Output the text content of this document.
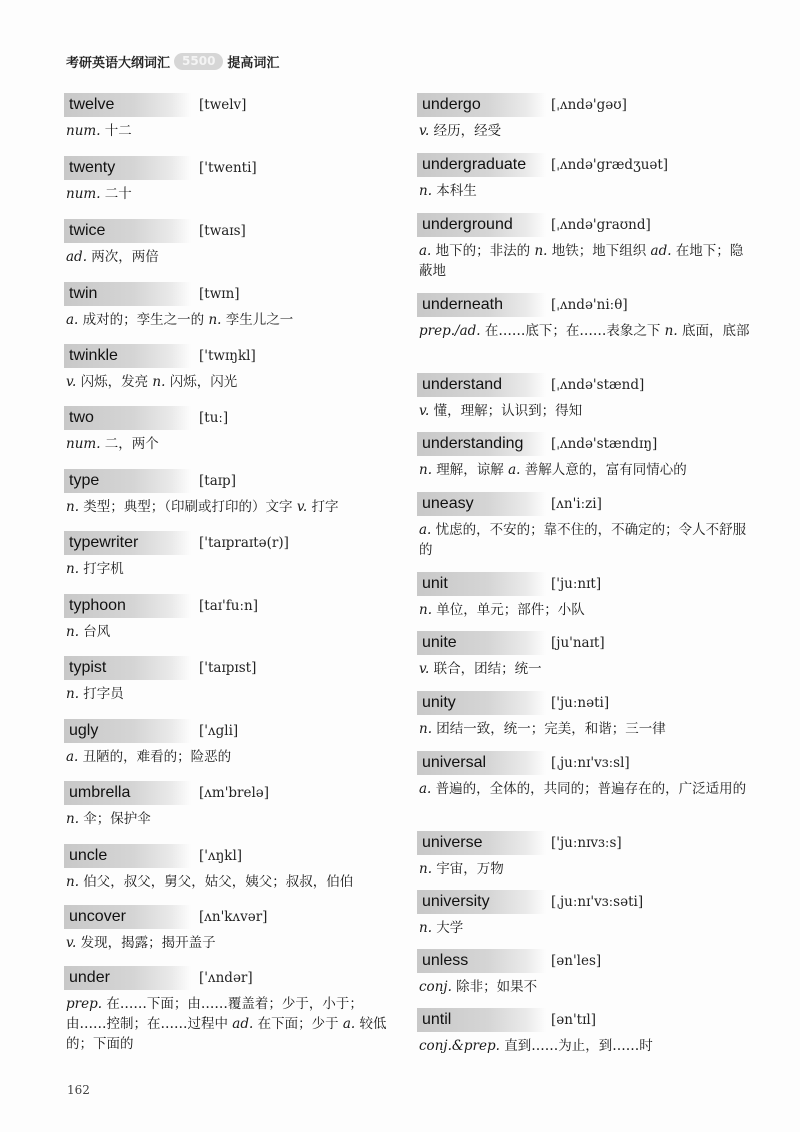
考研英语大纲词汇	5500 提高词汇
twelve	[twelv]
num. 十二
twenty	['twenti]
num. 二十
twice	[twaɪs]
ad. 两次，两倍
twin	[twɪn]
a. 成对的；孪生之一的 n. 孪生儿之一
twinkle	['twɪŋkl]
v. 闪烁，发亮 n. 闪烁，闪光
two	[tuː]
num. 二，两个
type	[taɪp]
n. 类型；典型；（印刷或打印的）文字 v. 打字
typewriter	['taɪpraɪtə(r)]
n. 打字机
typhoon	[taɪ'fuːn]
n. 台风
typist	['taɪpɪst]
n. 打字员
ugly	['ʌgli]
a. 丑陋的，难看的；险恶的
umbrella	[ʌm'brelə]
n. 伞；保护伞
uncle	['ʌŋkl]
n. 伯父，叔父，舅父，姑父，姨父；叔叔，伯伯
uncover	[ʌn'kʌvər]
v. 发现，揭露；揭开盖子
under	['ʌndər]
prep. 在……下面；由……覆盖着；少于，小于；由……控制；在……过程中 ad. 在下面；少于 a. 较低的；下面的
undergo	[ˌʌndə'gəʊ]
v. 经历，经受
undergraduate	[ˌʌndə'grædʒuət]
n. 本科生
underground	[ˌʌndə'graʊnd]
a. 地下的；非法的 n. 地铁；地下组织 ad. 在地下；隐蔽地
underneath	[ˌʌndə'niːθ]
prep./ad. 在……底下；在……表象之下 n. 底面，底部
understand	[ˌʌndə'stænd]
v. 懂，理解；认识到；得知
understanding	[ˌʌndə'stændɪŋ]
n. 理解，谅解 a. 善解人意的，富有同情心的
uneasy	[ʌn'iːzi]
a. 忧虑的，不安的；靠不住的，不确定的；令人不舒服的
unit	['juːnɪt]
n. 单位，单元；部件；小队
unite	[ju'naɪt]
v. 联合，团结；统一
unity	['juːnəti]
n. 团结一致，统一；完美，和谐；三一律
universal	[ˌjuːnɪ'vɜːsl]
a. 普遍的，全体的，共同的；普遍存在的，广泛适用的
universe	['juːnɪvɜːs]
n. 宇宙，万物
university	[ˌjuːnɪ'vɜːsəti]
n. 大学
unless	[ən'les]
conj. 除非；如果不
until	[ən'tɪl]
conj.&prep. 直到……为止，到……时
162
